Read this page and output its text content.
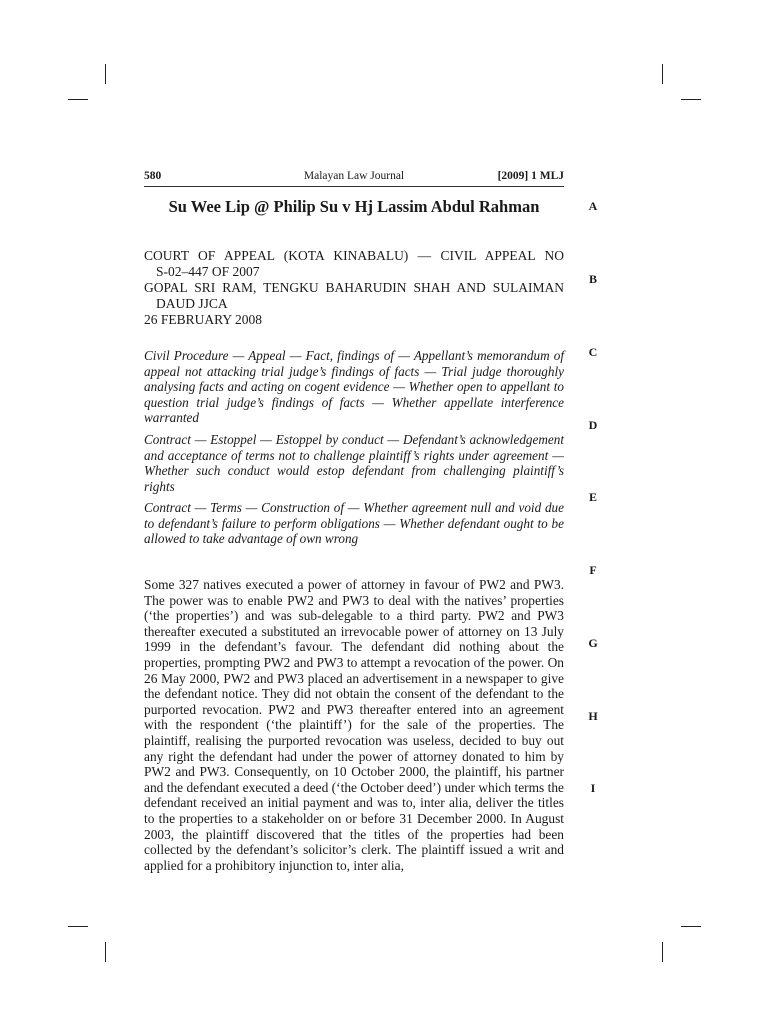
580	Malayan Law Journal	[2009] 1 MLJ
Su Wee Lip @ Philip Su v Hj Lassim Abdul Rahman
COURT OF APPEAL (KOTA KINABALU) — CIVIL APPEAL NO
S-02–447 OF 2007
GOPAL SRI RAM, TENGKU BAHARUDIN SHAH AND SULAIMAN
DAUD JJCA
26 FEBRUARY 2008
Civil Procedure — Appeal — Fact, findings of — Appellant’s memorandum of appeal not attacking trial judge’s findings of facts — Trial judge thoroughly analysing facts and acting on cogent evidence — Whether open to appellant to question trial judge’s findings of facts — Whether appellate interference warranted
Contract — Estoppel — Estoppel by conduct — Defendant’s acknowledgement and acceptance of terms not to challenge plaintiff’s rights under agreement — Whether such conduct would estop defendant from challenging plaintiff’s rights
Contract — Terms — Construction of — Whether agreement null and void due to defendant’s failure to perform obligations — Whether defendant ought to be allowed to take advantage of own wrong
Some 327 natives executed a power of attorney in favour of PW2 and PW3. The power was to enable PW2 and PW3 to deal with the natives’ properties (‘the properties’) and was sub-delegable to a third party. PW2 and PW3 thereafter executed a substituted an irrevocable power of attorney on 13 July 1999 in the defendant’s favour. The defendant did nothing about the properties, prompting PW2 and PW3 to attempt a revocation of the power. On 26 May 2000, PW2 and PW3 placed an advertisement in a newspaper to give the defendant notice. They did not obtain the consent of the defendant to the purported revocation. PW2 and PW3 thereafter entered into an agreement with the respondent (‘the plaintiff’) for the sale of the properties. The plaintiff, realising the purported revocation was useless, decided to buy out any right the defendant had under the power of attorney donated to him by PW2 and PW3. Consequently, on 10 October 2000, the plaintiff, his partner and the defendant executed a deed (‘the October deed’) under which terms the defendant received an initial payment and was to, inter alia, deliver the titles to the properties to a stakeholder on or before 31 December 2000. In August 2003, the plaintiff discovered that the titles of the properties had been collected by the defendant’s solicitor’s clerk. The plaintiff issued a writ and applied for a prohibitory injunction to, inter alia,
A
B
C
D
E
F
G
H
I
